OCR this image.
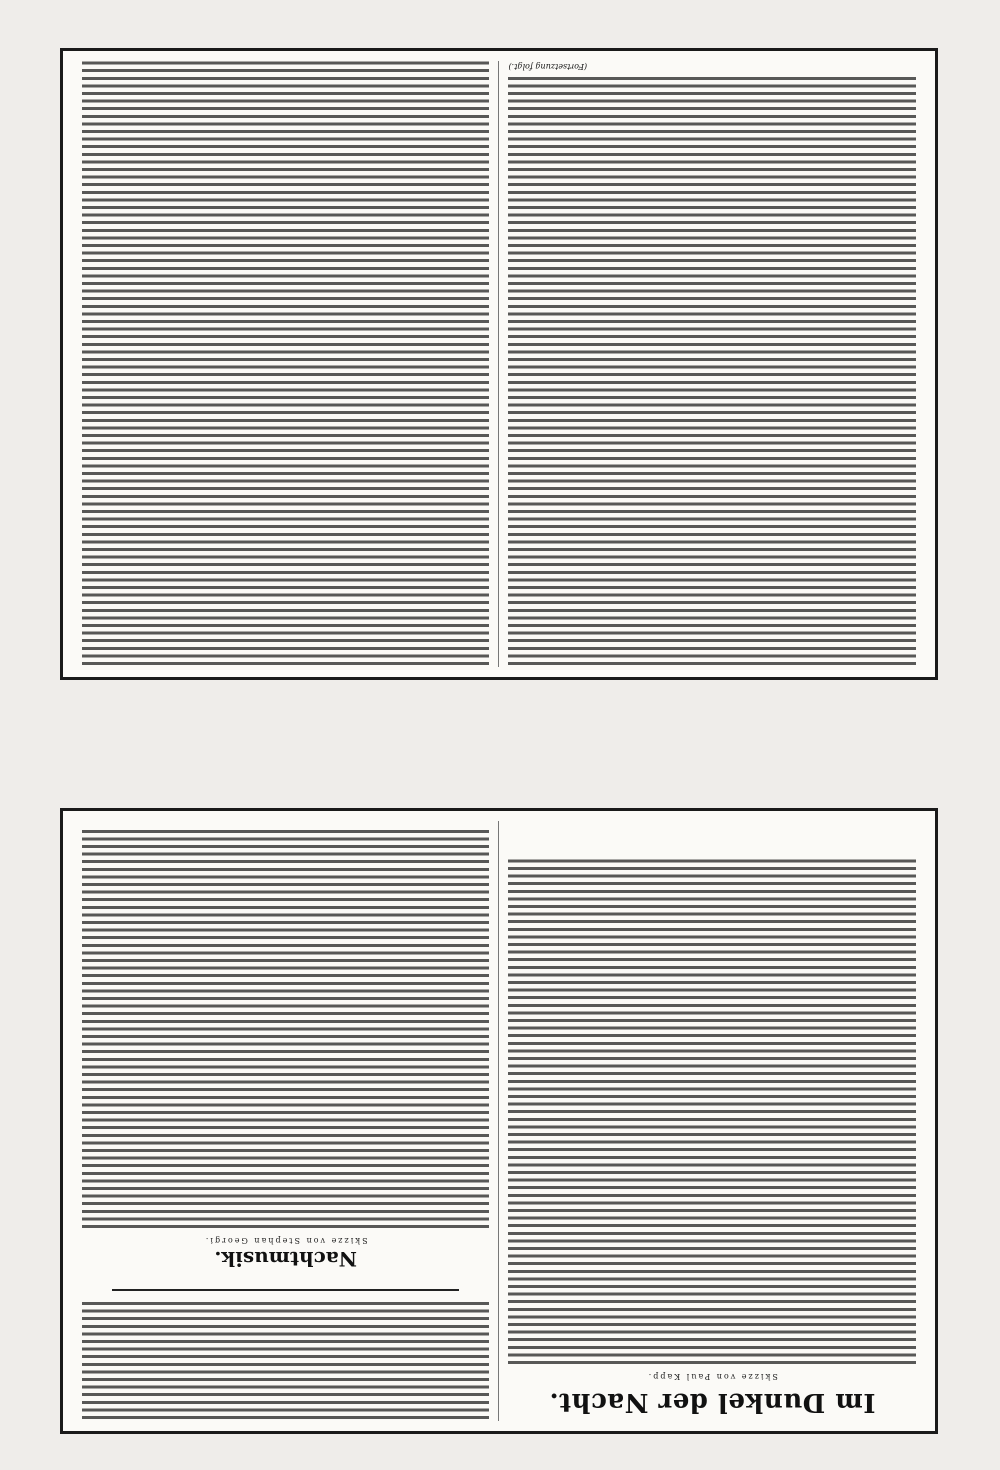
(Fortsetzung folgt.)
Im Dunkel der Nacht.
Skizze von Paul Kapp.
Nachtmusik.
Skizze von Stephan Georgi.
